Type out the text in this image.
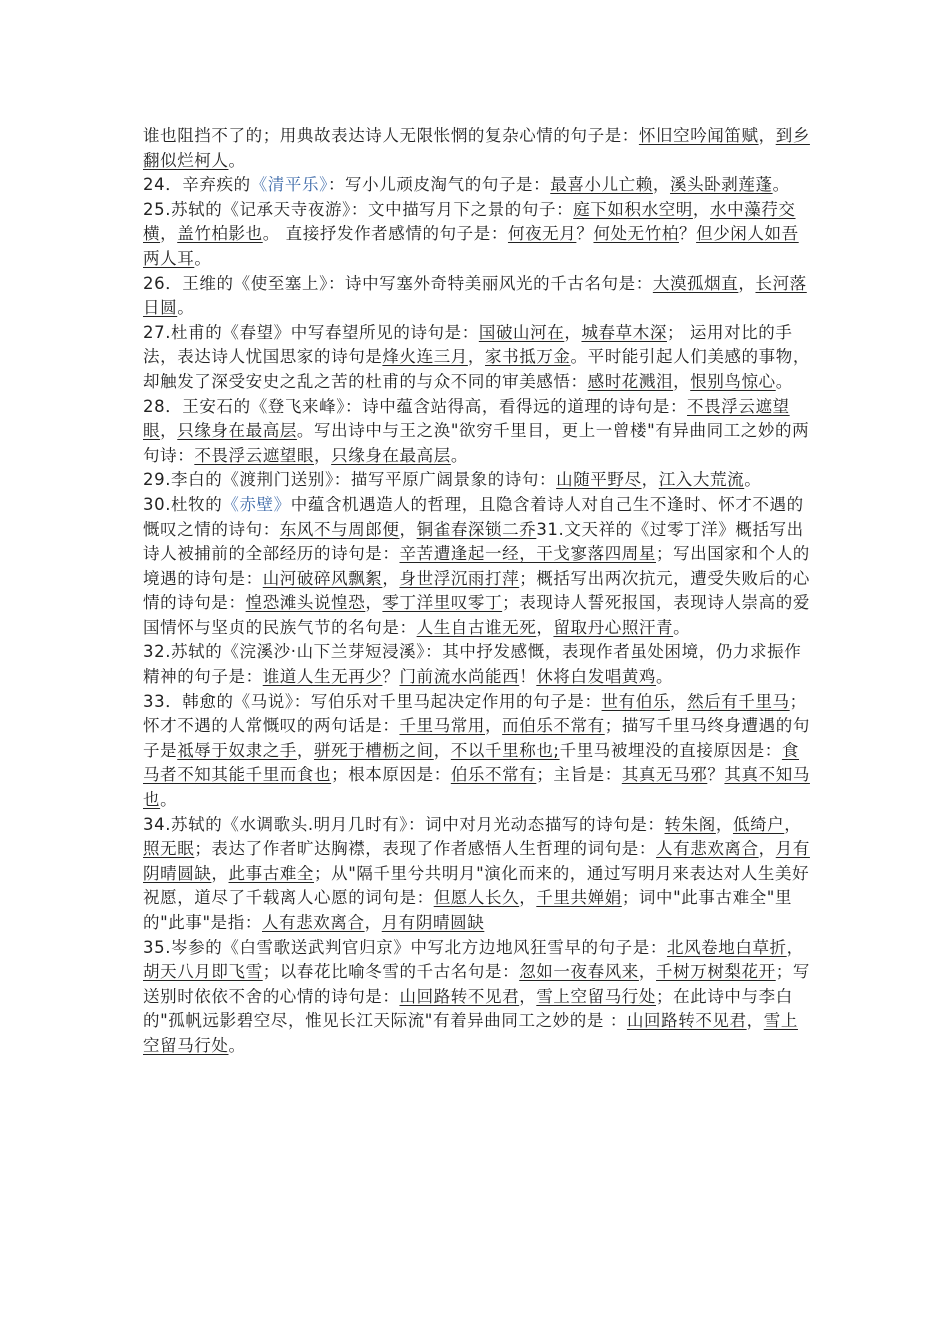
谁也阻挡不了的；用典故表达诗人无限怅惘的复杂心情的句子是：怀旧空吟闻笛赋，到乡翻似烂柯人。

24．辛弃疾的《清平乐》：写小儿顽皮淘气的句子是：最喜小儿亡赖，溪头卧剥莲蓬。

25.苏轼的《记承天寺夜游》：文中描写月下之景的句子：庭下如积水空明，水中藻荇交横，盖竹柏影也。 直接抒发作者感情的句子是：何夜无月？何处无竹柏？但少闲人如吾两人耳。

26．王维的《使至塞上》：诗中写塞外奇特美丽风光的千古名句是：大漠孤烟直，长河落日圆。

27.杜甫的《春望》中写春望所见的诗句是：国破山河在，城春草木深； 运用对比的手法，表达诗人忧国思家的诗句是烽火连三月，家书抵万金。平时能引起人们美感的事物，却触发了深受安史之乱之苦的杜甫的与众不同的审美感悟：感时花溅泪，恨别鸟惊心。

28．王安石的《登飞来峰》：诗中蕴含站得高，看得远的道理的诗句是：不畏浮云遮望眼，只缘身在最高层。写出诗中与王之涣"欲穷千里目，更上一曾楼"有异曲同工之妙的两句诗：不畏浮云遮望眼，只缘身在最高层。

29.李白的《渡荆门送别》：描写平原广阔景象的诗句：山随平野尽，江入大荒流。

30.杜牧的《赤壁》中蕴含机遇造人的哲理，且隐含着诗人对自己生不逢时、怀才不遇的慨叹之情的诗句：东风不与周郎便，铜雀春深锁二乔31.文天祥的《过零丁洋》概括写出诗人被捕前的全部经历的诗句是：辛苦遭逢起一经，干戈寥落四周星；写出国家和个人的境遇的诗句是：山河破碎风飘絮，身世浮沉雨打萍；概括写出两次抗元，遭受失败后的心情的诗句是：惶恐滩头说惶恐，零丁洋里叹零丁；表现诗人誓死报国，表现诗人崇高的爱国情怀与坚贞的民族气节的名句是：人生自古谁无死，留取丹心照汗青。

32.苏轼的《浣溪沙·山下兰芽短浸溪》：其中抒发感慨，表现作者虽处困境，仍力求振作精神的句子是：谁道人生无再少？门前流水尚能西！休将白发唱黄鸡。

33．韩愈的《马说》：写伯乐对千里马起决定作用的句子是：世有伯乐，然后有千里马；怀才不遇的人常慨叹的两句话是：千里马常用，而伯乐不常有；描写千里马终身遭遇的句子是祗辱于奴隶之手，骈死于槽枥之间，不以千里称也;千里马被埋没的直接原因是：食马者不知其能千里而食也；根本原因是：伯乐不常有；主旨是：其真无马邪？其真不知马也。

34.苏轼的《水调歌头.明月几时有》：词中对月光动态描写的诗句是：转朱阁，低绮户，照无眠；表达了作者旷达胸襟，表现了作者感悟人生哲理的词句是：人有悲欢离合，月有阴晴圆缺，此事古难全；从"隔千里兮共明月"演化而来的，通过写明月来表达对人生美好祝愿，道尽了千载离人心愿的词句是：但愿人长久，千里共婵娟；词中"此事古难全"里的"此事"是指：人有悲欢离合，月有阴晴圆缺

35.岑参的《白雪歌送武判官归京》中写北方边地风狂雪早的句子是：北风卷地白草折，胡天八月即飞雪；以春花比喻冬雪的千古名句是：忽如一夜春风来，千树万树梨花开；写送别时依依不舍的心情的诗句是：山回路转不见君，雪上空留马行处；在此诗中与李白的"孤帆远影碧空尽，惟见长江天际流"有着异曲同工之妙的是 ：山回路转不见君，雪上空留马行处。
